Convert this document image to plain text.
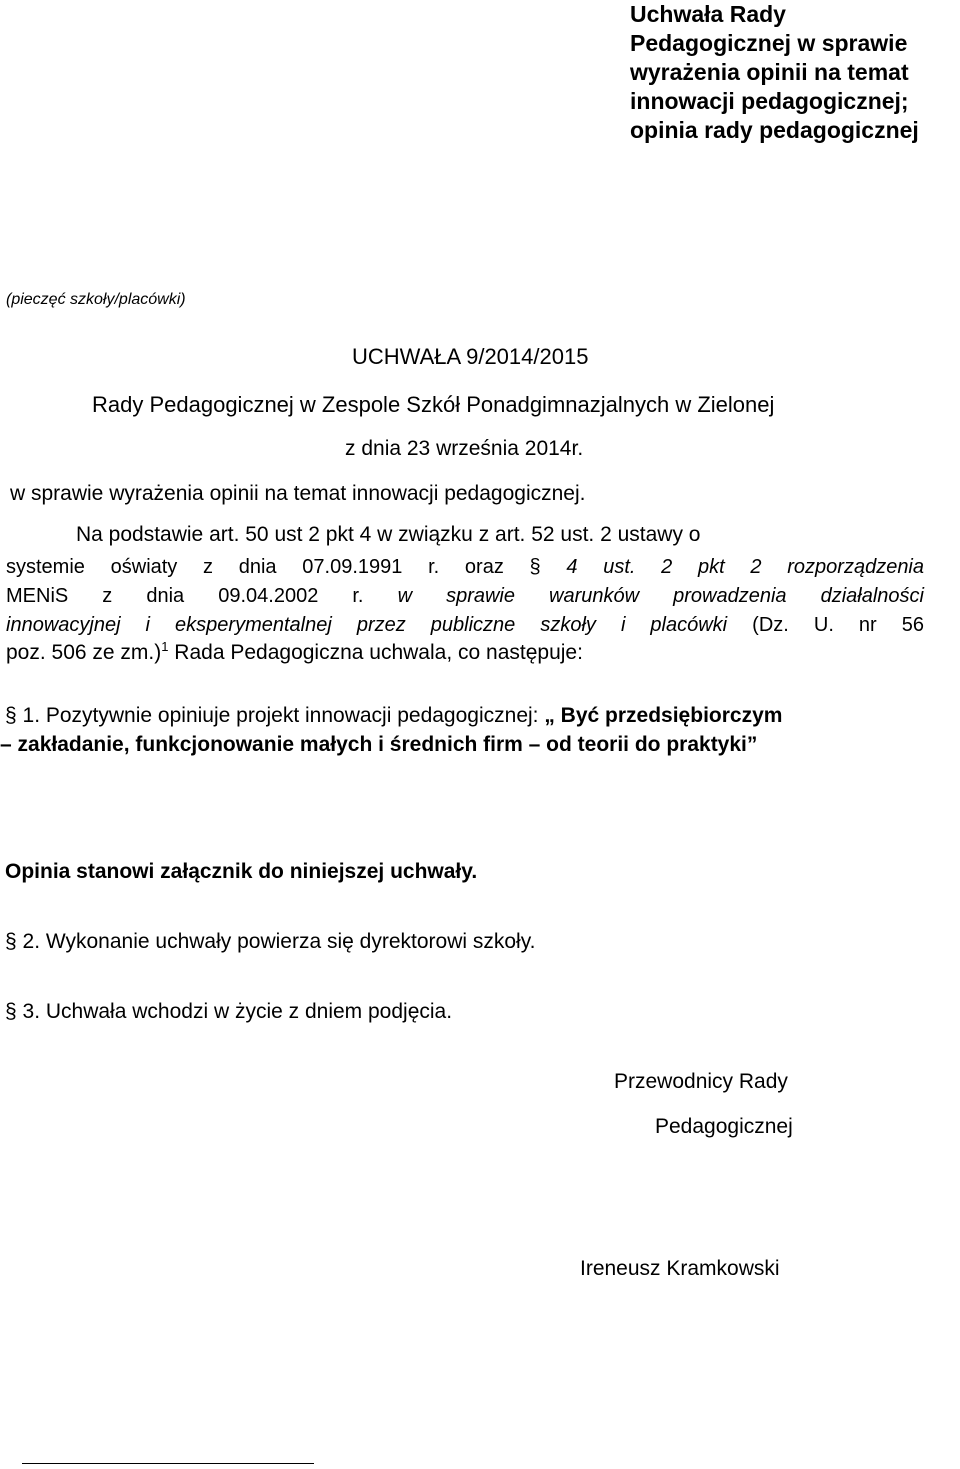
Uchwała Rady
Pedagogicznej w sprawie
wyrażenia opinii na temat
innowacji pedagogicznej;
opinia rady pedagogicznej
(pieczęć szkoły/placówki)
UCHWAŁA 9/2014/2015
Rady Pedagogicznej w Zespole Szkół Ponadgimnazjalnych w Zielonej
z dnia 23 września 2014r.
w sprawie wyrażenia opinii na temat innowacji pedagogicznej.
Na podstawie art. 50 ust 2 pkt 4 w związku z art. 52 ust. 2 ustawy o
systemie oświaty z dnia 07.09.1991 r. oraz § 4 ust. 2 pkt 2 rozporządzenia
MENiS z dnia 09.04.2002 r. w sprawie warunków prowadzenia działalności
innowacyjnej i eksperymentalnej przez publiczne szkoły i placówki (Dz. U. nr 56
poz. 506 ze zm.)$^1$ Rada Pedagogiczna uchwala, co następuje:
§ 1. Pozytywnie opiniuje projekt innowacji pedagogicznej: „ Być przedsiębiorczym
– zakładanie, funkcjonowanie małych i średnich firm – od teorii do praktyki”
Opinia stanowi załącznik do niniejszej uchwały.
§ 2. Wykonanie uchwały powierza się dyrektorowi szkoły.
§ 3. Uchwała wchodzi w życie z dniem podjęcia.
Przewodnicy Rady
Pedagogicznej
Ireneusz Kramkowski
